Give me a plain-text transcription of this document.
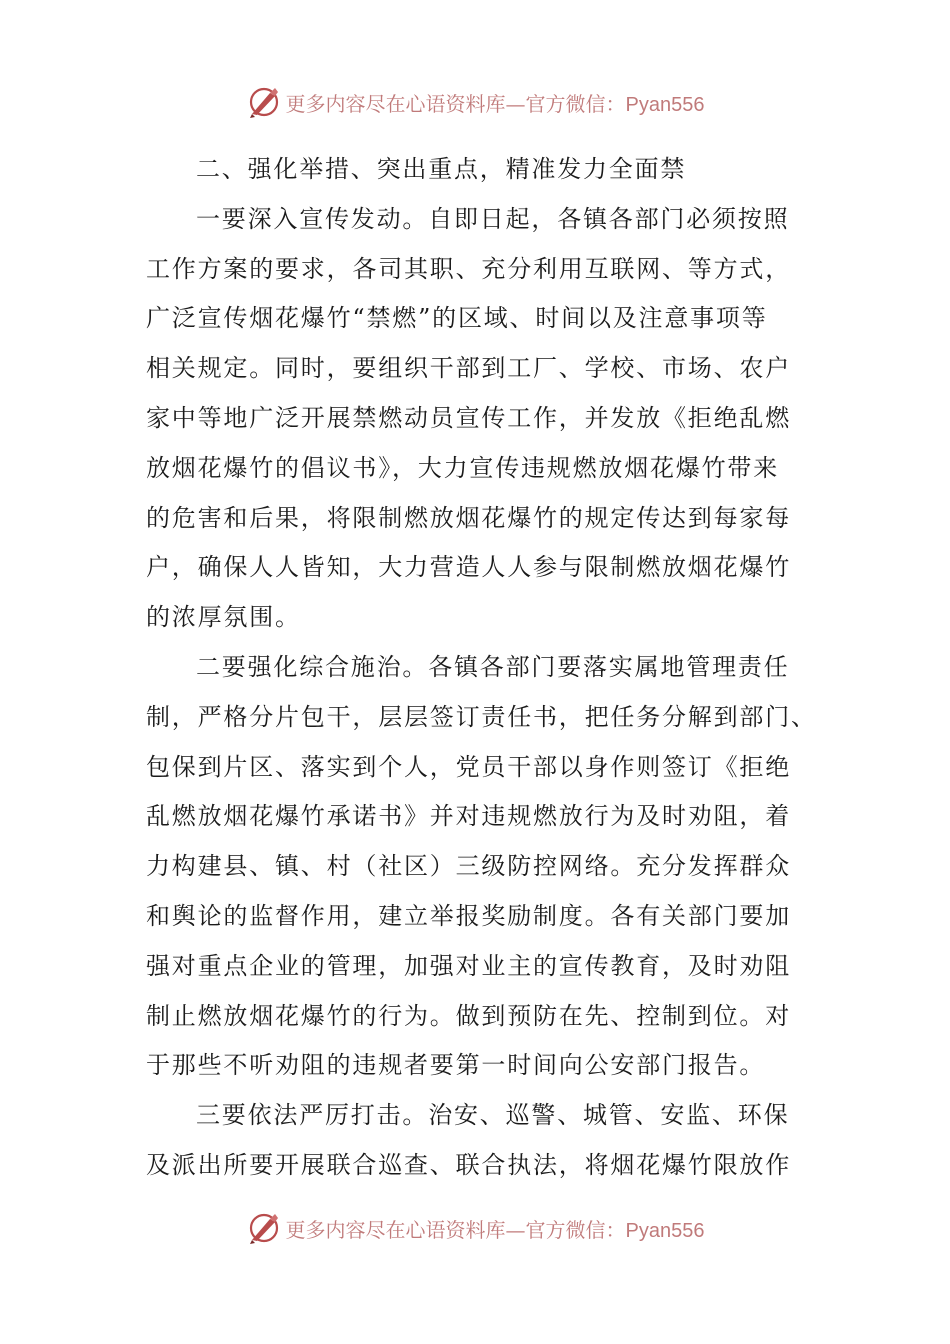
更多内容尽在心语资料库—官方微信：Pyan556
二、强化举措、突出重点，精准发力全面禁
一要深入宣传发动。自即日起，各镇各部门必须按照
工作方案的要求，各司其职、充分利用互联网、等方式，
广泛宣传烟花爆竹“禁燃”的区域、时间以及注意事项等
相关规定。同时，要组织干部到工厂、学校、市场、农户
家中等地广泛开展禁燃动员宣传工作，并发放《拒绝乱燃
放烟花爆竹的倡议书》，大力宣传违规燃放烟花爆竹带来
的危害和后果，将限制燃放烟花爆竹的规定传达到每家每
户，确保人人皆知，大力营造人人参与限制燃放烟花爆竹
的浓厚氛围。
二要强化综合施治。各镇各部门要落实属地管理责任
制，严格分片包干，层层签订责任书，把任务分解到部门、
包保到片区、落实到个人，党员干部以身作则签订《拒绝
乱燃放烟花爆竹承诺书》并对违规燃放行为及时劝阻，着
力构建县、镇、村（社区）三级防控网络。充分发挥群众
和舆论的监督作用，建立举报奖励制度。各有关部门要加
强对重点企业的管理，加强对业主的宣传教育，及时劝阻
制止燃放烟花爆竹的行为。做到预防在先、控制到位。对
于那些不听劝阻的违规者要第一时间向公安部门报告。
三要依法严厉打击。治安、巡警、城管、安监、环保
及派出所要开展联合巡查、联合执法，将烟花爆竹限放作
更多内容尽在心语资料库—官方微信：Pyan556
